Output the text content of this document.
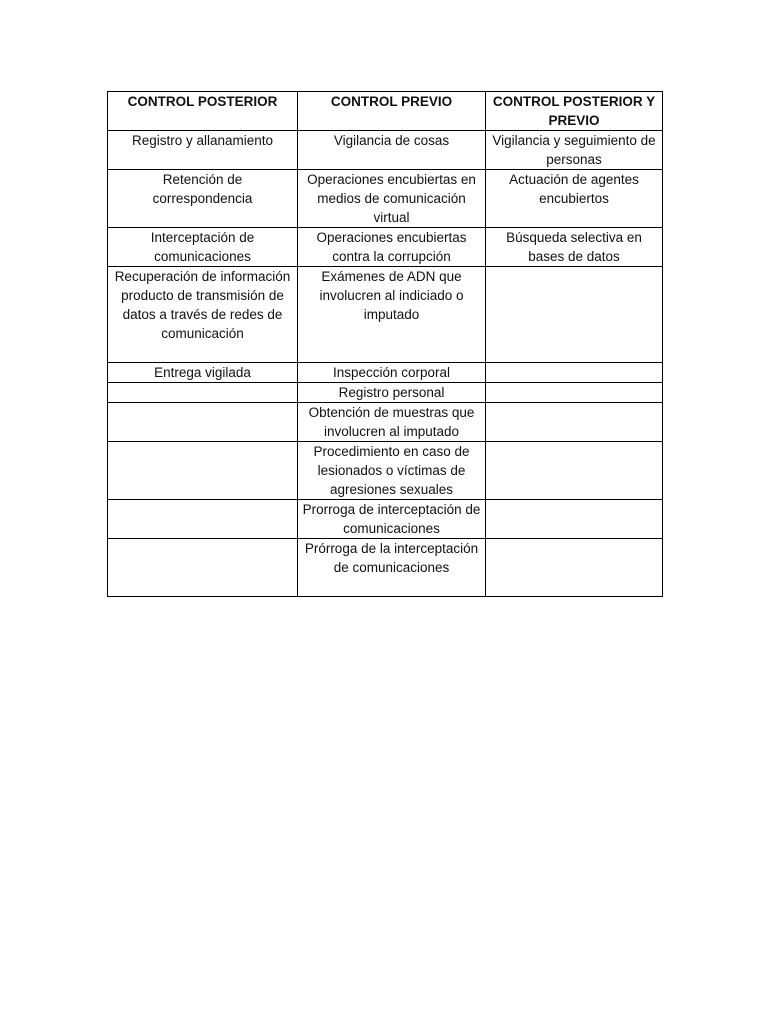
CONTROL POSTERIOR	CONTROL PREVIO	CONTROL POSTERIOR Y PREVIO
Registro y allanamiento	Vigilancia de cosas	Vigilancia y seguimiento de personas
Retención de correspondencia	Operaciones encubiertas en medios de comunicación virtual	Actuación de agentes encubiertos
Interceptación de comunicaciones	Operaciones encubiertas contra la corrupción	Búsqueda selectiva en bases de datos
Recuperación de información producto de transmisión de datos a través de redes de comunicación	Exámenes de ADN que involucren al indiciado o imputado	
Entrega vigilada	Inspección corporal	
	Registro personal	
	Obtención de muestras que involucren al imputado	
	Procedimiento en caso de lesionados o víctimas de agresiones sexuales	
	Prorroga de interceptación de comunicaciones	
	Prórroga de la interceptación de comunicaciones	
